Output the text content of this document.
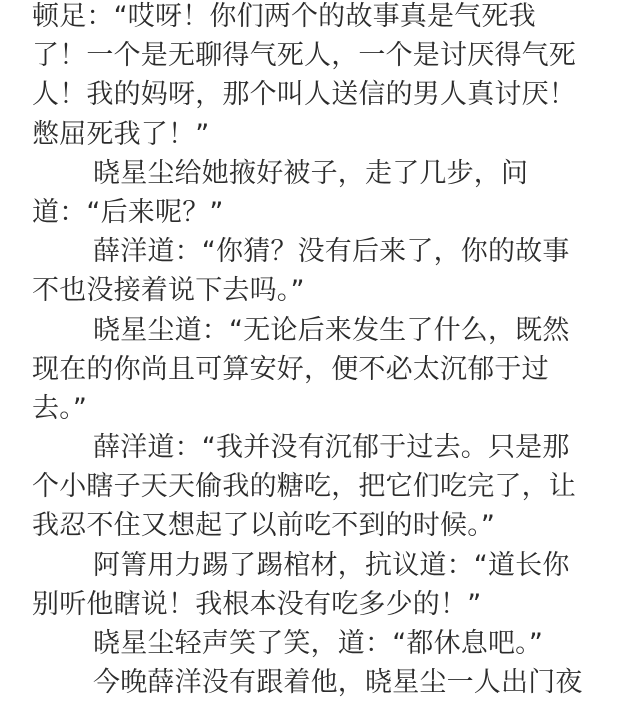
顿足：“哎呀！你们两个的故事真是气死我
了！一个是无聊得气死人，一个是讨厌得气死
人！我的妈呀，那个叫人送信的男人真讨厌！
憋屈死我了！”
晓星尘给她掖好被子，走了几步，问
道：“后来呢？”
薛洋道：“你猜？没有后来了，你的故事
不也没接着说下去吗。”
晓星尘道：“无论后来发生了什么，既然
现在的你尚且可算安好，便不必太沉郁于过
去。”
薛洋道：“我并没有沉郁于过去。只是那
个小瞎子天天偷我的糖吃，把它们吃完了，让
我忍不住又想起了以前吃不到的时候。”
阿箐用力踢了踢棺材，抗议道：“道长你
别听他瞎说！我根本没有吃多少的！”
晓星尘轻声笑了笑，道：“都休息吧。”
今晚薛洋没有跟着他，晓星尘一人出门夜
